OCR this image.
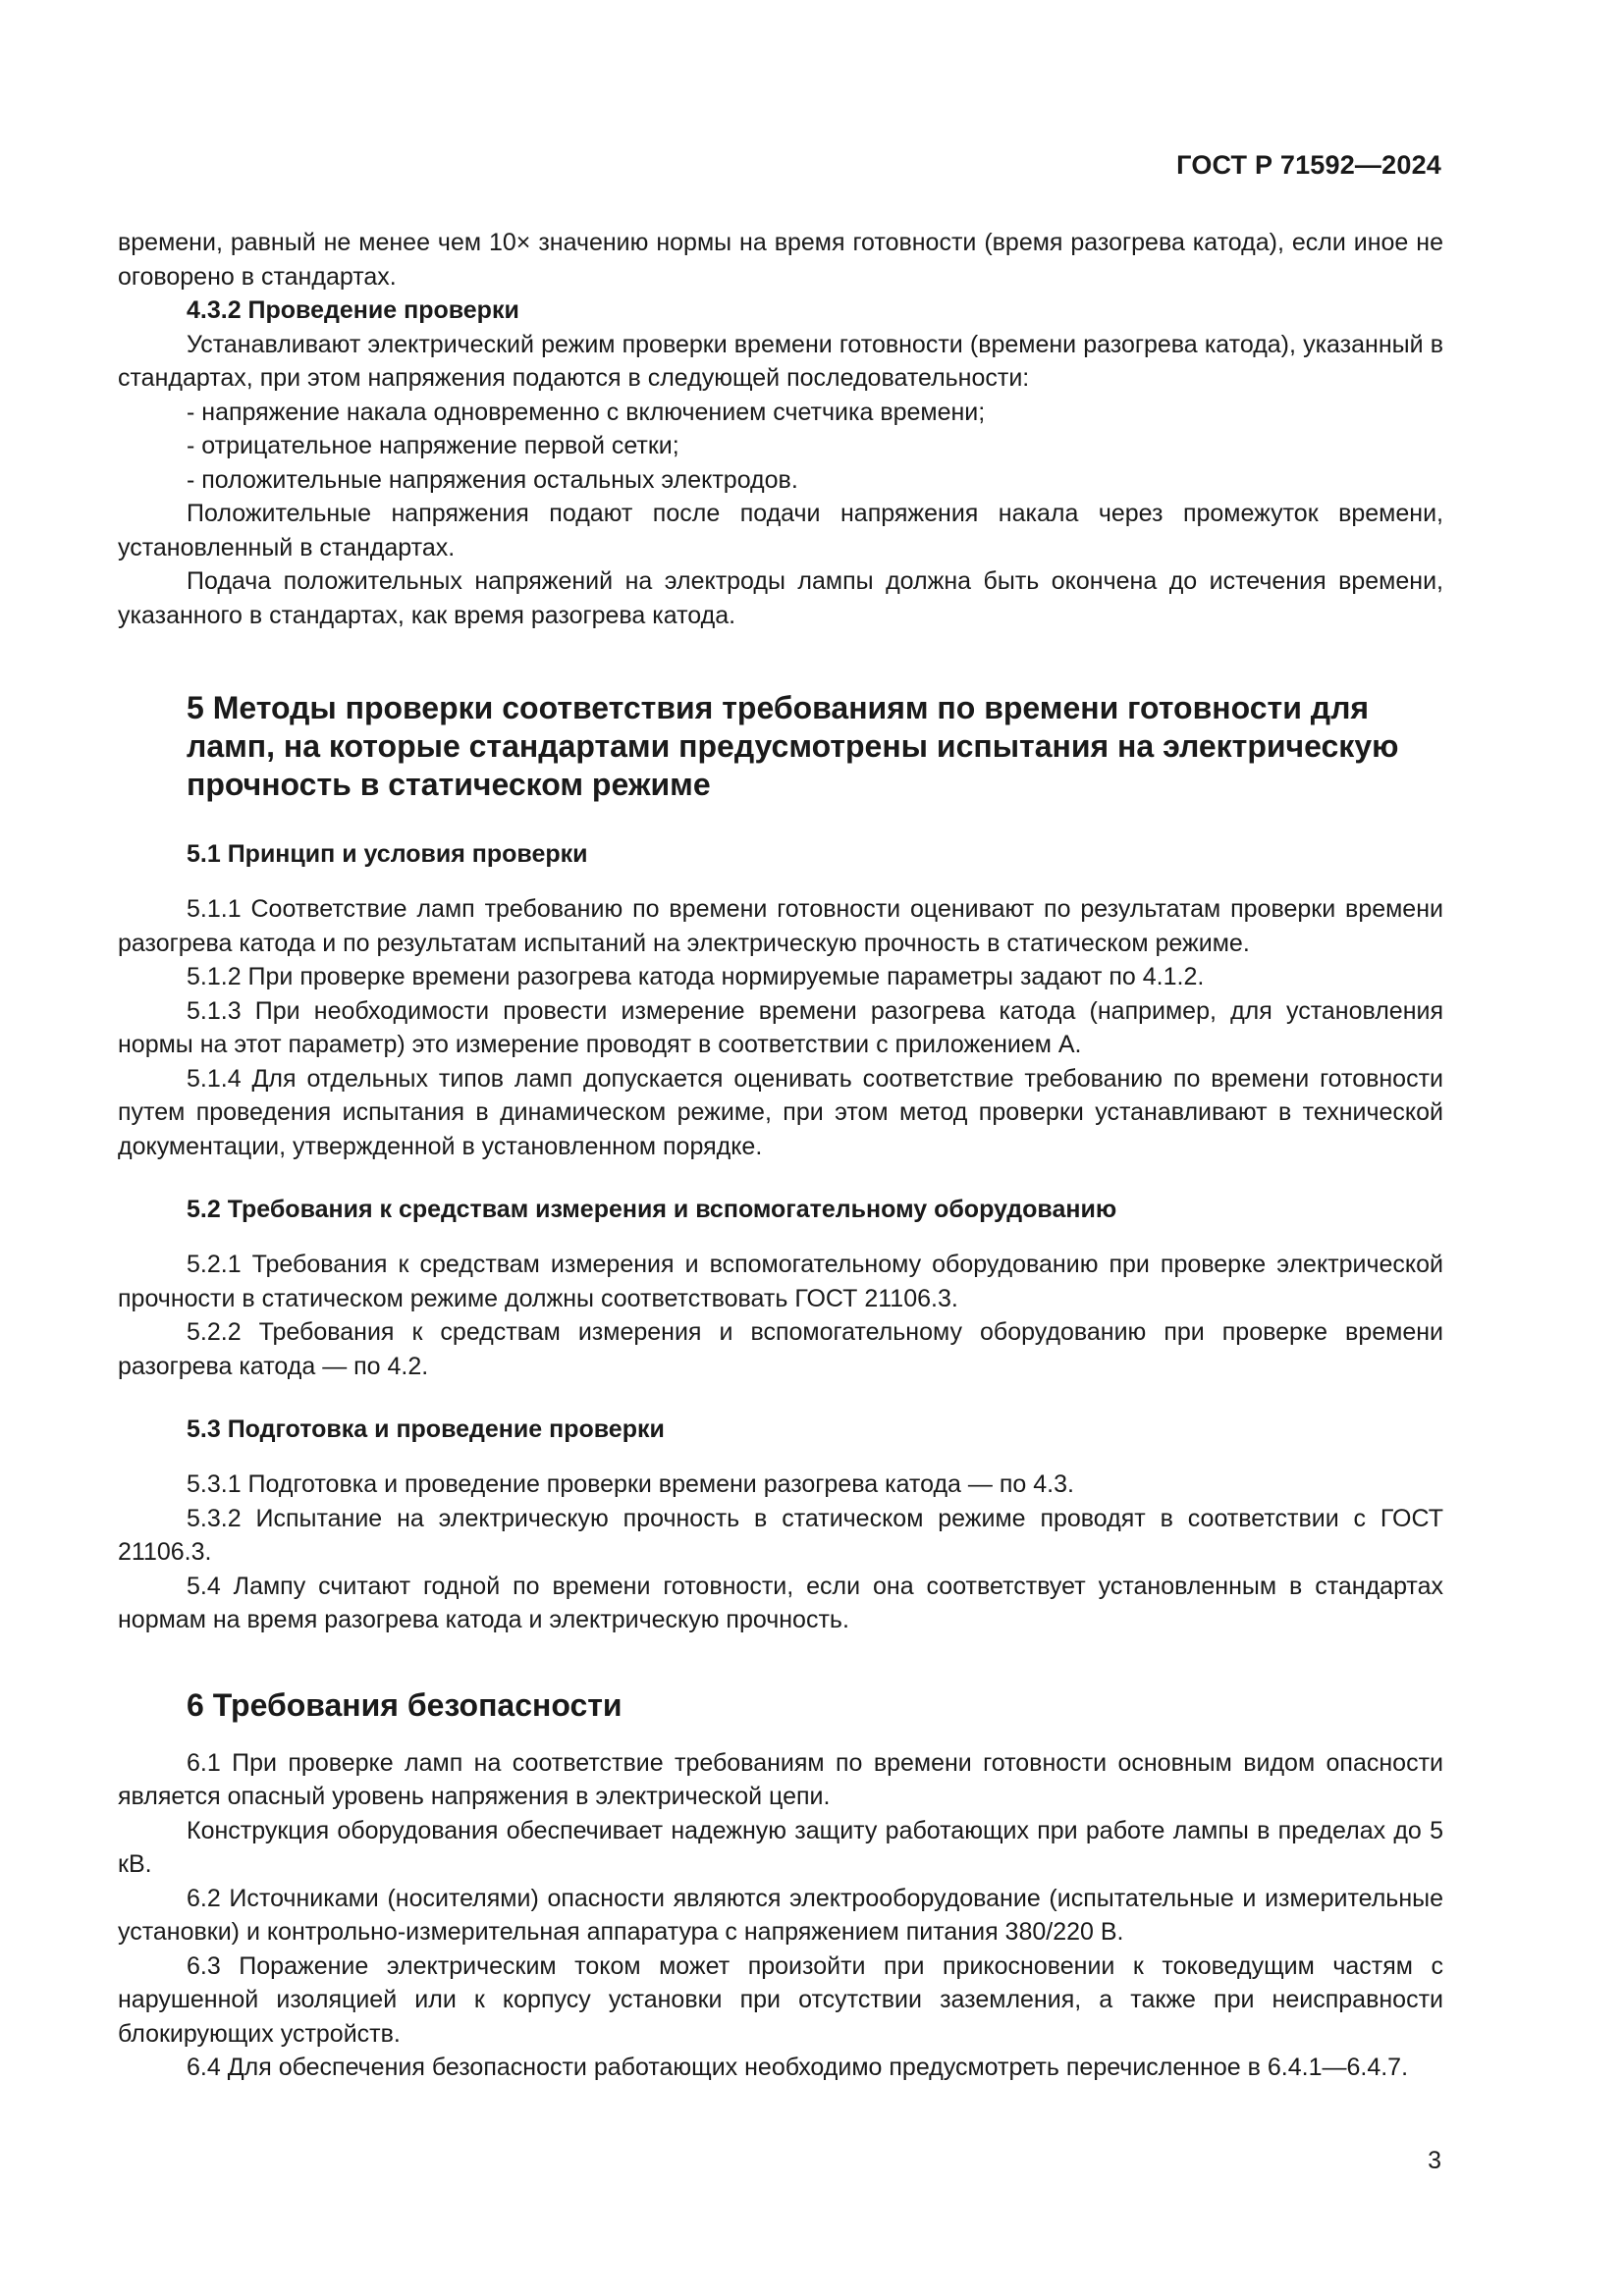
ГОСТ Р 71592—2024

времени, равный не менее чем 10× значению нормы на время готовности (время разогрева катода), если иное не оговорено в стандартах.

4.3.2 Проведение проверки

Устанавливают электрический режим проверки времени готовности (времени разогрева катода), указанный в стандартах, при этом напряжения подаются в следующей последовательности:

- напряжение накала одновременно с включением счетчика времени;

- отрицательное напряжение первой сетки;

- положительные напряжения остальных электродов.

Положительные напряжения подают после подачи напряжения накала через промежуток времени, установленный в стандартах.

Подача положительных напряжений на электроды лампы должна быть окончена до истечения времени, указанного в стандартах, как время разогрева катода.

5 Методы проверки соответствия требованиям по времени готовности для ламп, на которые стандартами предусмотрены испытания на электрическую прочность в статическом режиме
5.1 Принцип и условия проверки

5.1.1 Соответствие ламп требованию по времени готовности оценивают по результатам проверки времени разогрева катода и по результатам испытаний на электрическую прочность в статическом режиме.

5.1.2 При проверке времени разогрева катода нормируемые параметры задают по 4.1.2.

5.1.3 При необходимости провести измерение времени разогрева катода (например, для установления нормы на этот параметр) это измерение проводят в соответствии с приложением А.

5.1.4 Для отдельных типов ламп допускается оценивать соответствие требованию по времени готовности путем проведения испытания в динамическом режиме, при этом метод проверки устанавливают в технической документации, утвержденной в установленном порядке.

5.2 Требования к средствам измерения и вспомогательному оборудованию

5.2.1 Требования к средствам измерения и вспомогательному оборудованию при проверке электрической прочности в статическом режиме должны соответствовать ГОСТ 21106.3.

5.2.2 Требования к средствам измерения и вспомогательному оборудованию при проверке времени разогрева катода — по 4.2.

5.3 Подготовка и проведение проверки

5.3.1 Подготовка и проведение проверки времени разогрева катода — по 4.3.

5.3.2 Испытание на электрическую прочность в статическом режиме проводят в соответствии с ГОСТ 21106.3.

5.4 Лампу считают годной по времени готовности, если она соответствует установленным в стандартах нормам на время разогрева катода и электрическую прочность.

6 Требования безопасности

6.1 При проверке ламп на соответствие требованиям по времени готовности основным видом опасности является опасный уровень напряжения в электрической цепи.

Конструкция оборудования обеспечивает надежную защиту работающих при работе лампы в пределах до 5 кВ.

6.2 Источниками (носителями) опасности являются электрооборудование (испытательные и измерительные установки) и контрольно-измерительная аппаратура с напряжением питания 380/220 В.

6.3 Поражение электрическим током может произойти при прикосновении к токоведущим частям с нарушенной изоляцией или к корпусу установки при отсутствии заземления, а также при неисправности блокирующих устройств.

6.4 Для обеспечения безопасности работающих необходимо предусмотреть перечисленное в 6.4.1—6.4.7.

3
